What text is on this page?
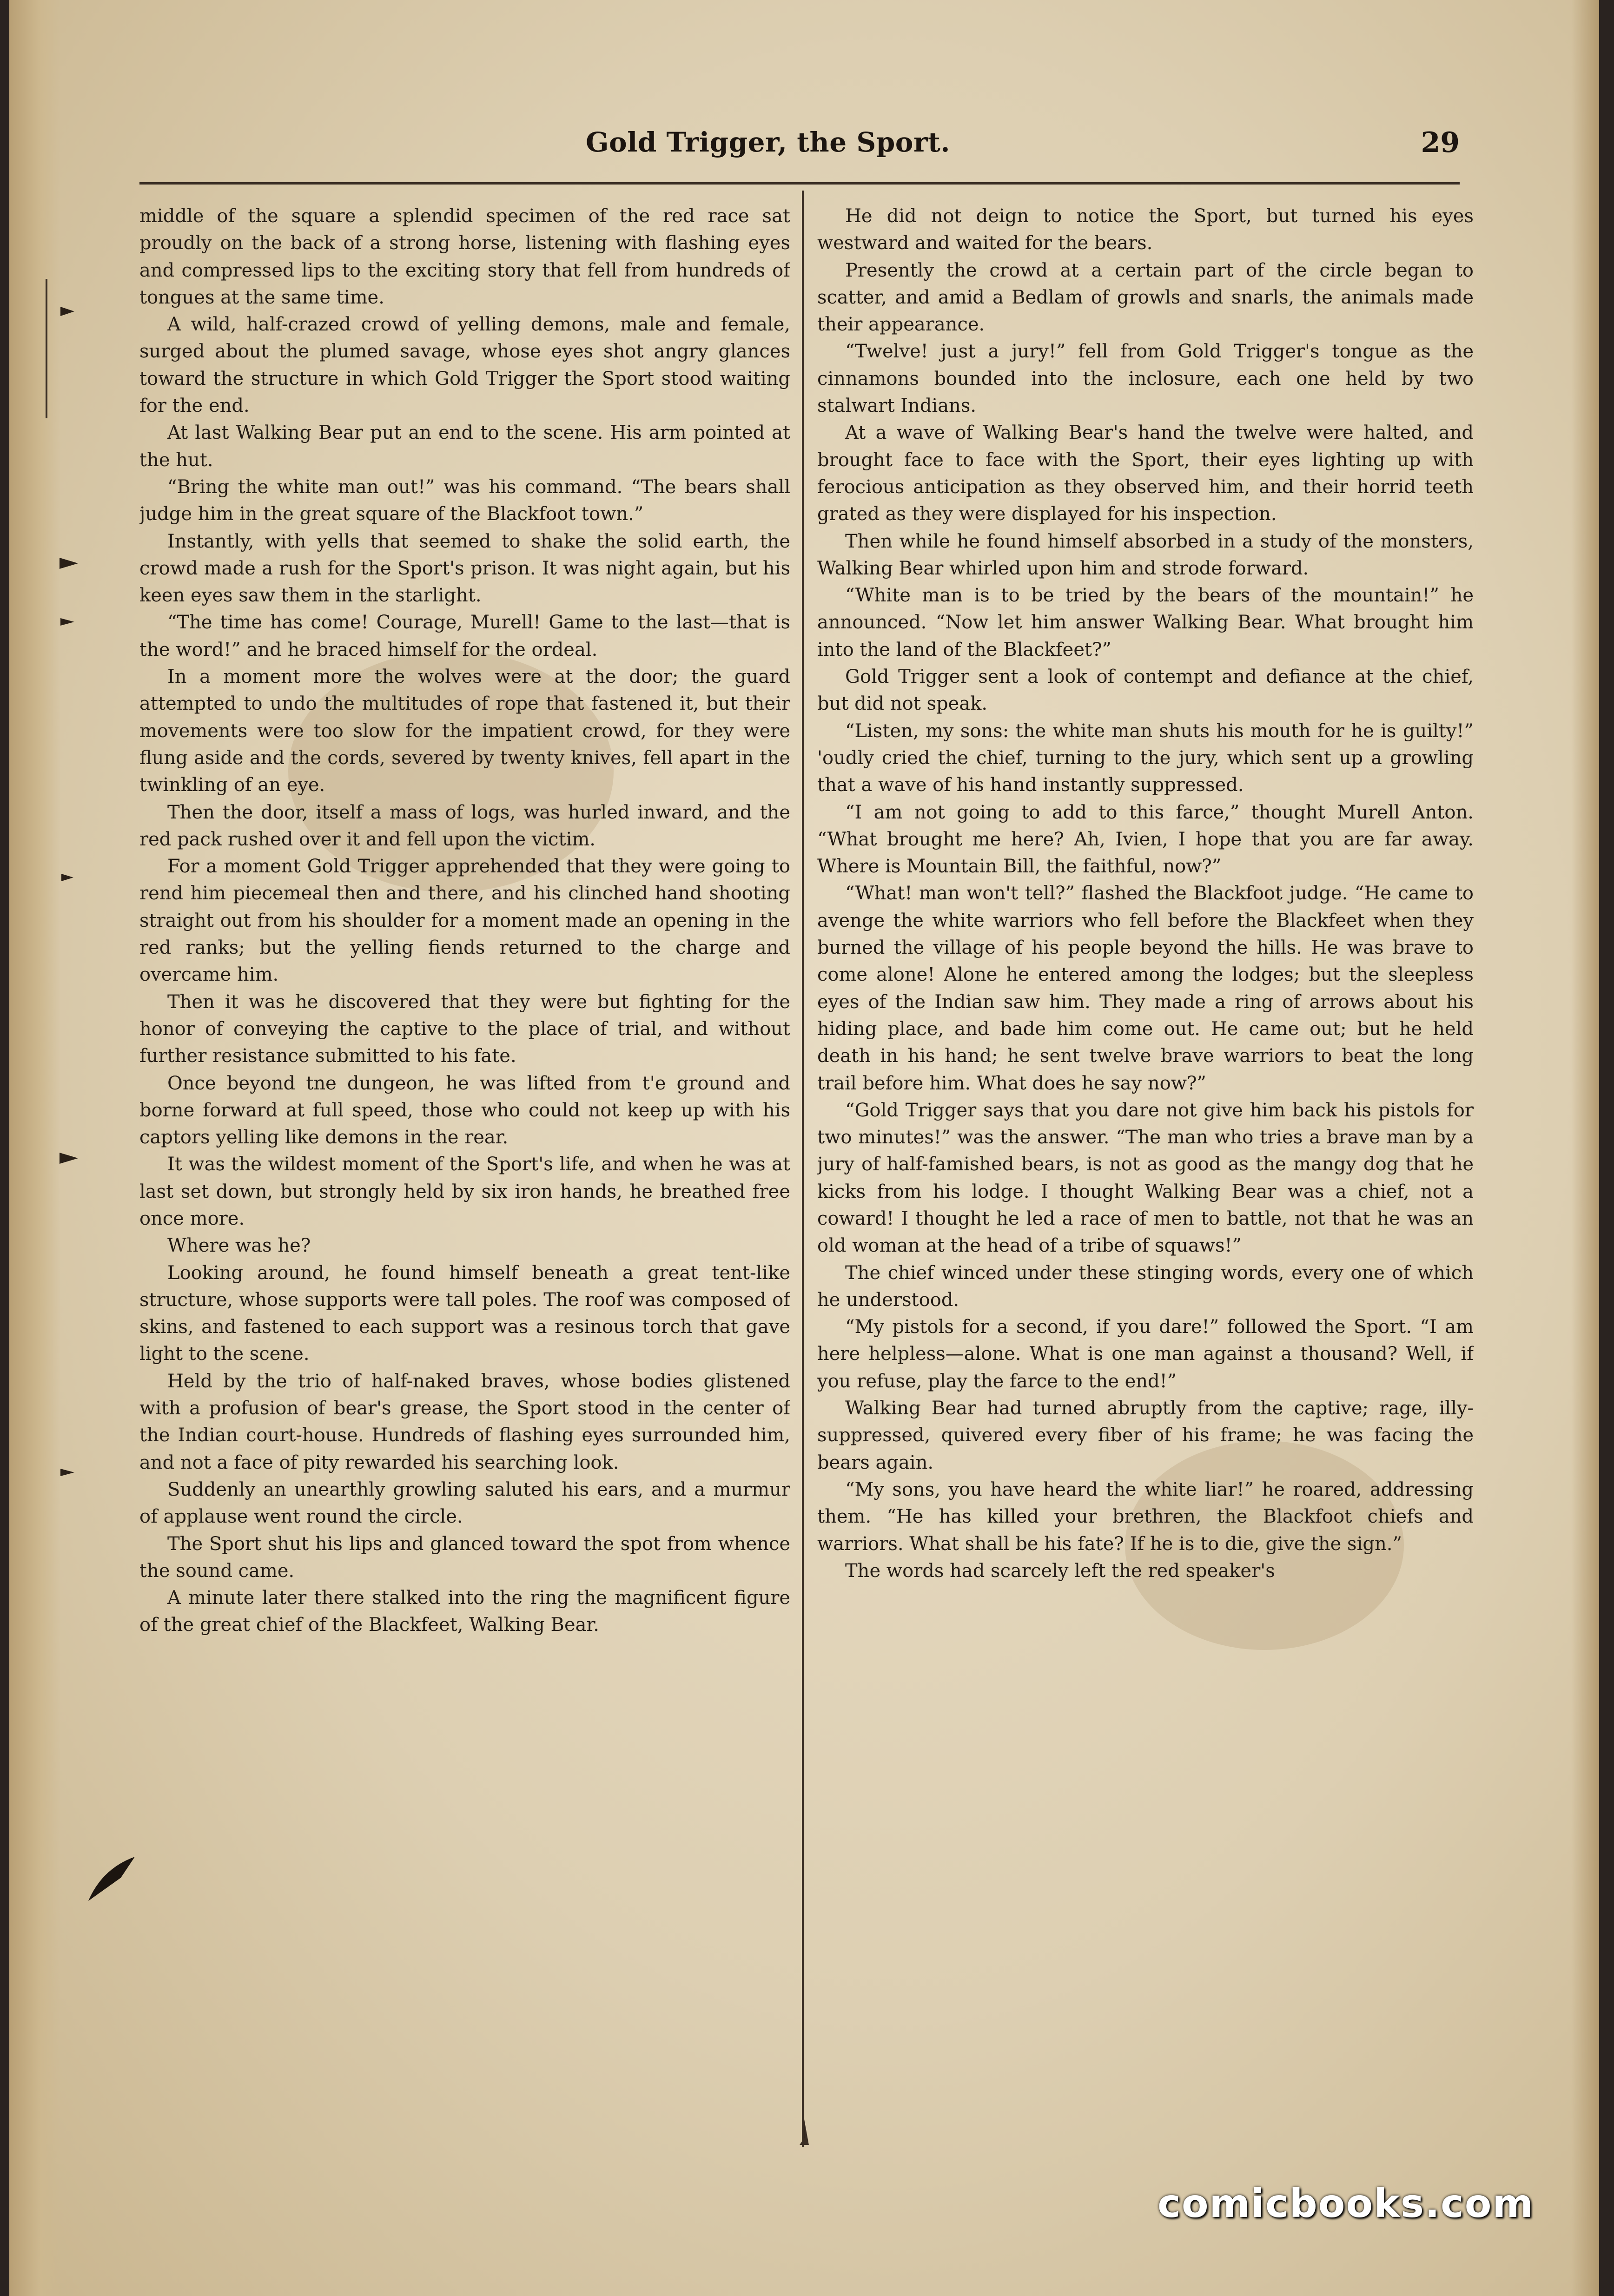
Gold Trigger, the Sport.	29

middle of the square a splendid specimen of the red race sat proudly on the back of a strong horse, listening with flashing eyes and compressed lips to the exciting story that fell from hundreds of tongues at the same time.

A wild, half-crazed crowd of yelling demons, male and female, surged about the plumed savage, whose eyes shot angry glances toward the structure in which Gold Trigger the Sport stood waiting for the end.

At last Walking Bear put an end to the scene. His arm pointed at the hut.

“Bring the white man out!” was his command. “The bears shall judge him in the great square of the Blackfoot town.”

Instantly, with yells that seemed to shake the solid earth, the crowd made a rush for the Sport's prison. It was night again, but his keen eyes saw them in the starlight.

“The time has come! Courage, Murell! Game to the last—that is the word!” and he braced himself for the ordeal.

In a moment more the wolves were at the door; the guard attempted to undo the multitudes of rope that fastened it, but their movements were too slow for the impatient crowd, for they were flung aside and the cords, severed by twenty knives, fell apart in the twinkling of an eye.

Then the door, itself a mass of logs, was hurled inward, and the red pack rushed over it and fell upon the victim.

For a moment Gold Trigger apprehended that they were going to rend him piecemeal then and there, and his clinched hand shooting straight out from his shoulder for a moment made an opening in the red ranks; but the yelling fiends returned to the charge and overcame him.

Then it was he discovered that they were but fighting for the honor of conveying the captive to the place of trial, and without further resistance submitted to his fate.

Once beyond tne dungeon, he was lifted from t'e ground and borne forward at full speed, those who could not keep up with his captors yelling like demons in the rear.

It was the wildest moment of the Sport's life, and when he was at last set down, but strongly held by six iron hands, he breathed free once more.

Where was he?

Looking around, he found himself beneath a great tent-like structure, whose supports were tall poles. The roof was composed of skins, and fastened to each support was a resinous torch that gave light to the scene.

Held by the trio of half-naked braves, whose bodies glistened with a profusion of bear's grease, the Sport stood in the center of the Indian court-house. Hundreds of flashing eyes surrounded him, and not a face of pity rewarded his searching look.

Suddenly an unearthly growling saluted his ears, and a murmur of applause went round the circle.

The Sport shut his lips and glanced toward the spot from whence the sound came.

A minute later there stalked into the ring the magnificent figure of the great chief of the Blackfeet, Walking Bear.

He did not deign to notice the Sport, but turned his eyes westward and waited for the bears.

Presently the crowd at a certain part of the circle began to scatter, and amid a Bedlam of growls and snarls, the animals made their appearance.

“Twelve! just a jury!” fell from Gold Trigger's tongue as the cinnamons bounded into the inclosure, each one held by two stalwart Indians.

At a wave of Walking Bear's hand the twelve were halted, and brought face to face with the Sport, their eyes lighting up with ferocious anticipation as they observed him, and their horrid teeth grated as they were displayed for his inspection.

Then while he found himself absorbed in a study of the monsters, Walking Bear whirled upon him and strode forward.

“White man is to be tried by the bears of the mountain!” he announced. “Now let him answer Walking Bear. What brought him into the land of the Blackfeet?”

Gold Trigger sent a look of contempt and defiance at the chief, but did not speak.

“Listen, my sons: the white man shuts his mouth for he is guilty!” 'oudly cried the chief, turning to the jury, which sent up a growling that a wave of his hand instantly suppressed.

“I am not going to add to this farce,” thought Murell Anton. “What brought me here? Ah, Ivien, I hope that you are far away. Where is Mountain Bill, the faithful, now?”

“What! man won't tell?” flashed the Blackfoot judge. “He came to avenge the white warriors who fell before the Blackfeet when they burned the village of his people beyond the hills. He was brave to come alone! Alone he entered among the lodges; but the sleepless eyes of the Indian saw him. They made a ring of arrows about his hiding place, and bade him come out. He came out; but he held death in his hand; he sent twelve brave warriors to beat the long trail before him. What does he say now?”

“Gold Trigger says that you dare not give him back his pistols for two minutes!” was the answer. “The man who tries a brave man by a jury of half-famished bears, is not as good as the mangy dog that he kicks from his lodge. I thought Walking Bear was a chief, not a coward! I thought he led a race of men to battle, not that he was an old woman at the head of a tribe of squaws!”

The chief winced under these stinging words, every one of which he understood.

“My pistols for a second, if you dare!” followed the Sport. “I am here helpless—alone. What is one man against a thousand? Well, if you refuse, play the farce to the end!”

Walking Bear had turned abruptly from the captive; rage, illy-suppressed, quivered every fiber of his frame; he was facing the bears again.

“My sons, you have heard the white liar!” he roared, addressing them. “He has killed your brethren, the Blackfoot chiefs and warriors. What shall be his fate? If he is to die, give the sign.”

The words had scarcely left the red speaker's

comicbooks.com
